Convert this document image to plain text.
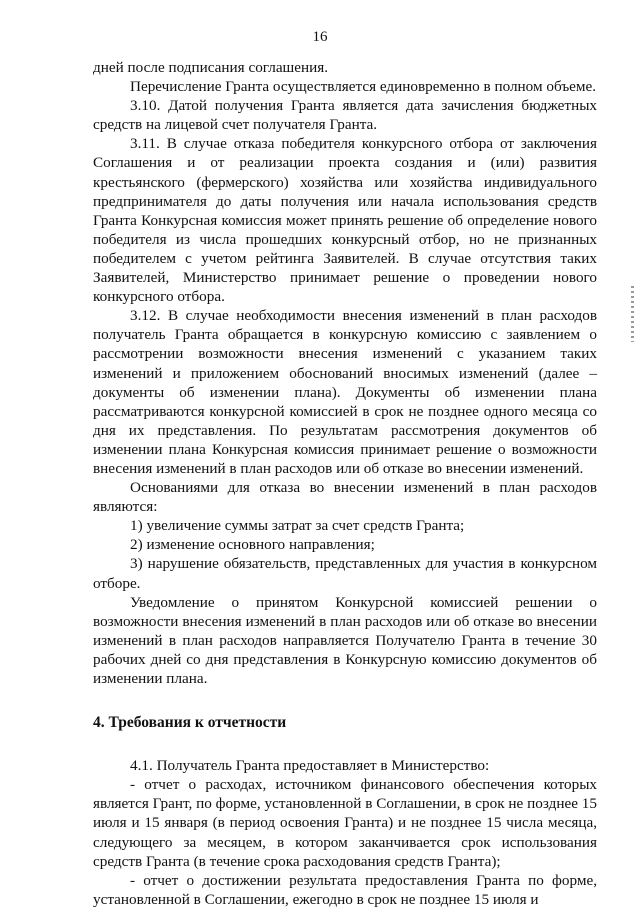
16

дней после подписания соглашения.

Перечисление Гранта осуществляется единовременно в полном объеме.

3.10. Датой получения Гранта является дата зачисления бюджетных средств на лицевой счет получателя Гранта.

3.11. В случае отказа победителя конкурсного отбора от заключения Соглашения и от реализации проекта создания и (или) развития крестьянского (фермерского) хозяйства или хозяйства индивидуального предпринимателя до даты получения или начала использования средств Гранта Конкурсная комиссия может принять решение об определение нового победителя из числа прошедших конкурсный отбор, но не признанных победителем с учетом рейтинга Заявителей. В случае отсутствия таких Заявителей, Министерство принимает решение о проведении нового конкурсного отбора.

3.12. В случае необходимости внесения изменений в план расходов получатель Гранта обращается в конкурсную комиссию с заявлением о рассмотрении возможности внесения изменений с указанием таких изменений и приложением обоснований вносимых изменений (далее – документы об изменении плана). Документы об изменении плана рассматриваются конкурсной комиссией в срок не позднее одного месяца со дня их представления. По результатам рассмотрения документов об изменении плана Конкурсная комиссия принимает решение о возможности внесения изменений в план расходов или об отказе во внесении изменений.

Основаниями для отказа во внесении изменений в план расходов являются:

1) увеличение суммы затрат за счет средств Гранта;

2) изменение основного направления;

3) нарушение обязательств, представленных для участия в конкурсном отборе.

Уведомление о принятом Конкурсной комиссией решении о возможности внесения изменений в план расходов или об отказе во внесении изменений в план расходов направляется Получателю Гранта в течение 30 рабочих дней со дня представления в Конкурсную комиссию документов об изменении плана.

4. Требования к отчетности

4.1. Получатель Гранта предоставляет в Министерство:

- отчет о расходах, источником финансового обеспечения которых является Грант, по форме, установленной в Соглашении, в срок не позднее 15 июля и 15 января (в период освоения Гранта) и не позднее 15 числа месяца, следующего за месяцем, в котором заканчивается срок использования средств Гранта (в течение срока расходования средств Гранта);

- отчет о достижении результата предоставления Гранта по форме, установленной в Соглашении, ежегодно в срок не позднее 15 июля и
